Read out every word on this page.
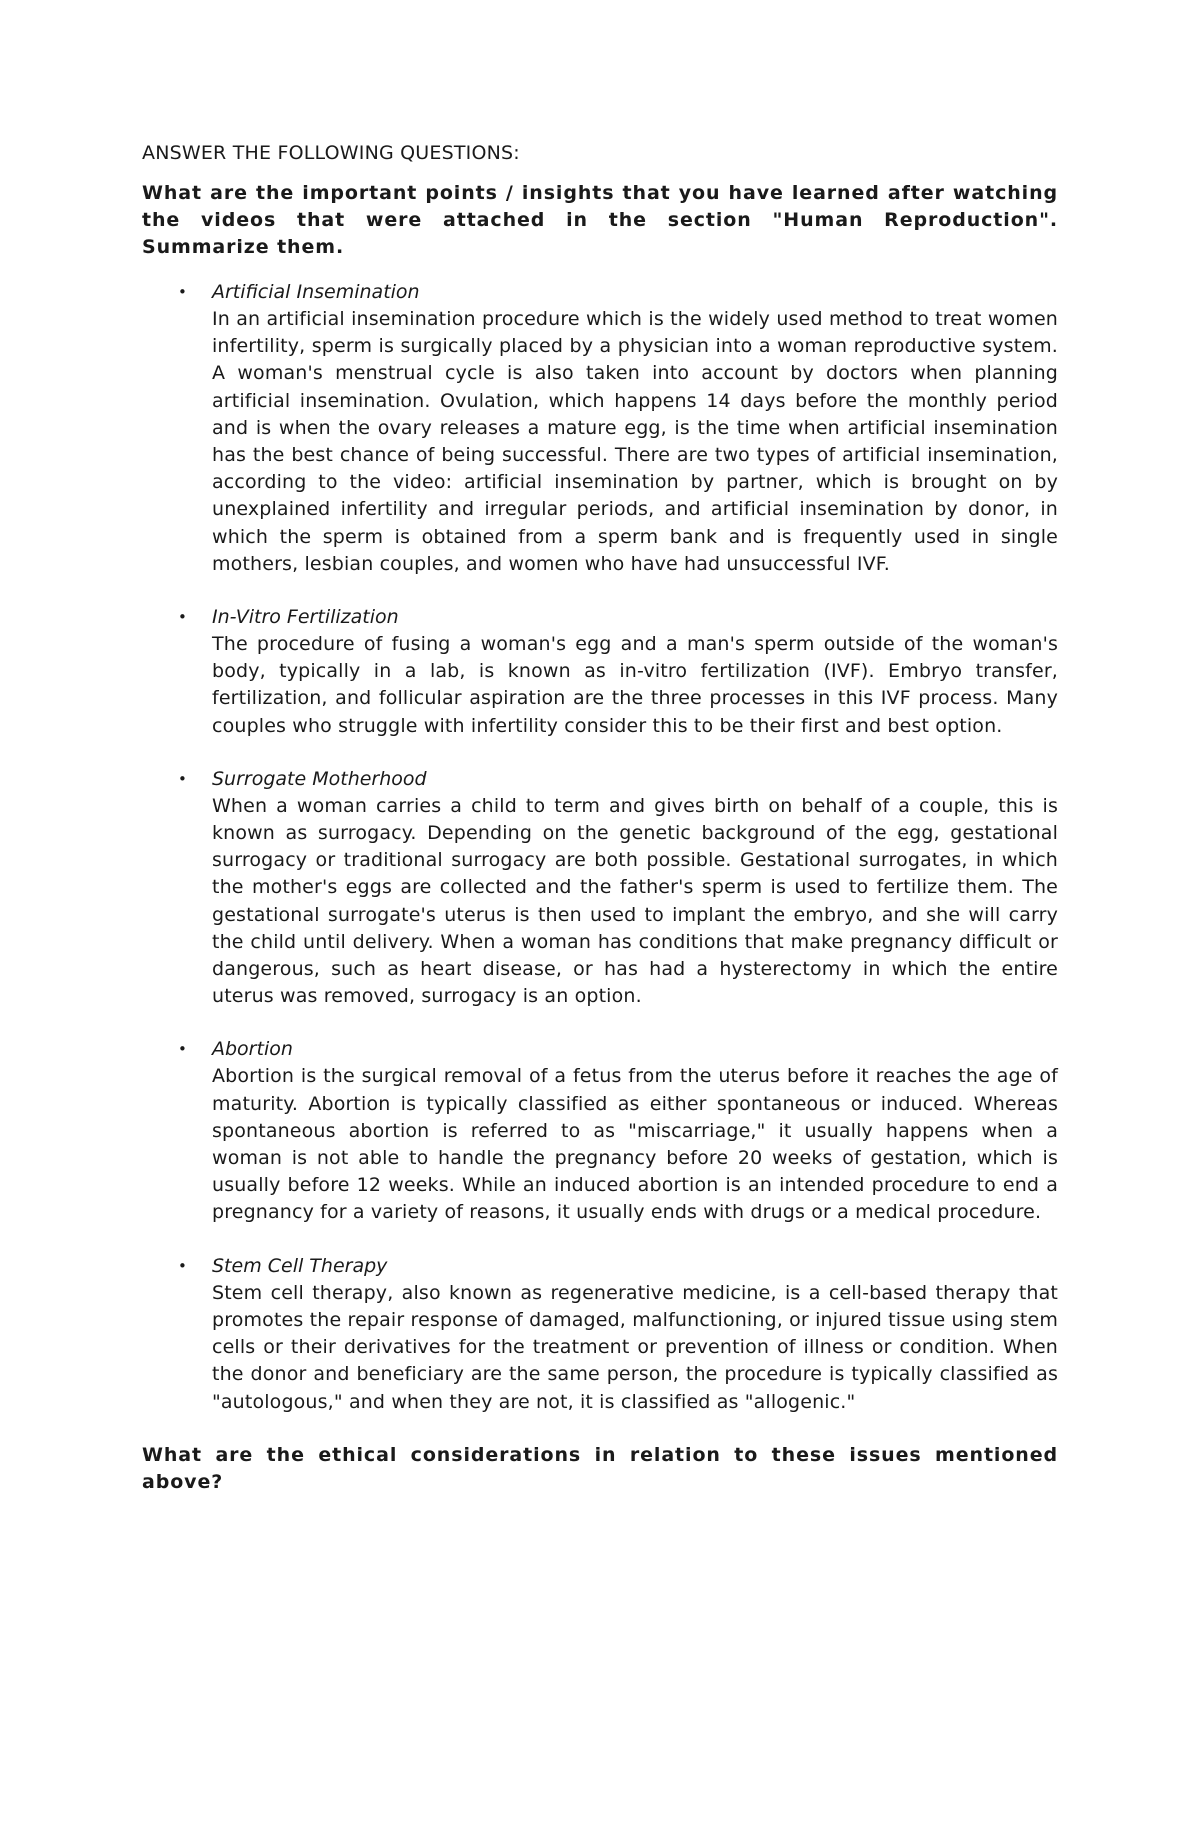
ANSWER THE FOLLOWING QUESTIONS:
What are the important points / insights that you have learned after watching the videos that were attached in the section "Human Reproduction". Summarize them.
• Artificial Insemination
In an artificial insemination procedure which is the widely used method to treat women infertility, sperm is surgically placed by a physician into a woman reproductive system. A woman's menstrual cycle is also taken into account by doctors when planning artificial insemination. Ovulation, which happens 14 days before the monthly period and is when the ovary releases a mature egg, is the time when artificial insemination has the best chance of being successful. There are two types of artificial insemination, according to the video: artificial insemination by partner, which is brought on by unexplained infertility and irregular periods, and artificial insemination by donor, in which the sperm is obtained from a sperm bank and is frequently used in single mothers, lesbian couples, and women who have had unsuccessful IVF.
• In-Vitro Fertilization
The procedure of fusing a woman's egg and a man's sperm outside of the woman's body, typically in a lab, is known as in-vitro fertilization (IVF). Embryo transfer, fertilization, and follicular aspiration are the three processes in this IVF process. Many couples who struggle with infertility consider this to be their first and best option.
• Surrogate Motherhood
When a woman carries a child to term and gives birth on behalf of a couple, this is known as surrogacy. Depending on the genetic background of the egg, gestational surrogacy or traditional surrogacy are both possible. Gestational surrogates, in which the mother's eggs are collected and the father's sperm is used to fertilize them. The gestational surrogate's uterus is then used to implant the embryo, and she will carry the child until delivery. When a woman has conditions that make pregnancy difficult or dangerous, such as heart disease, or has had a hysterectomy in which the entire uterus was removed, surrogacy is an option.
• Abortion
Abortion is the surgical removal of a fetus from the uterus before it reaches the age of maturity. Abortion is typically classified as either spontaneous or induced. Whereas spontaneous abortion is referred to as "miscarriage," it usually happens when a woman is not able to handle the pregnancy before 20 weeks of gestation, which is usually before 12 weeks. While an induced abortion is an intended procedure to end a pregnancy for a variety of reasons, it usually ends with drugs or a medical procedure.
• Stem Cell Therapy
Stem cell therapy, also known as regenerative medicine, is a cell-based therapy that promotes the repair response of damaged, malfunctioning, or injured tissue using stem cells or their derivatives for the treatment or prevention of illness or condition. When the donor and beneficiary are the same person, the procedure is typically classified as "autologous," and when they are not, it is classified as "allogenic."
What are the ethical considerations in relation to these issues mentioned above?
